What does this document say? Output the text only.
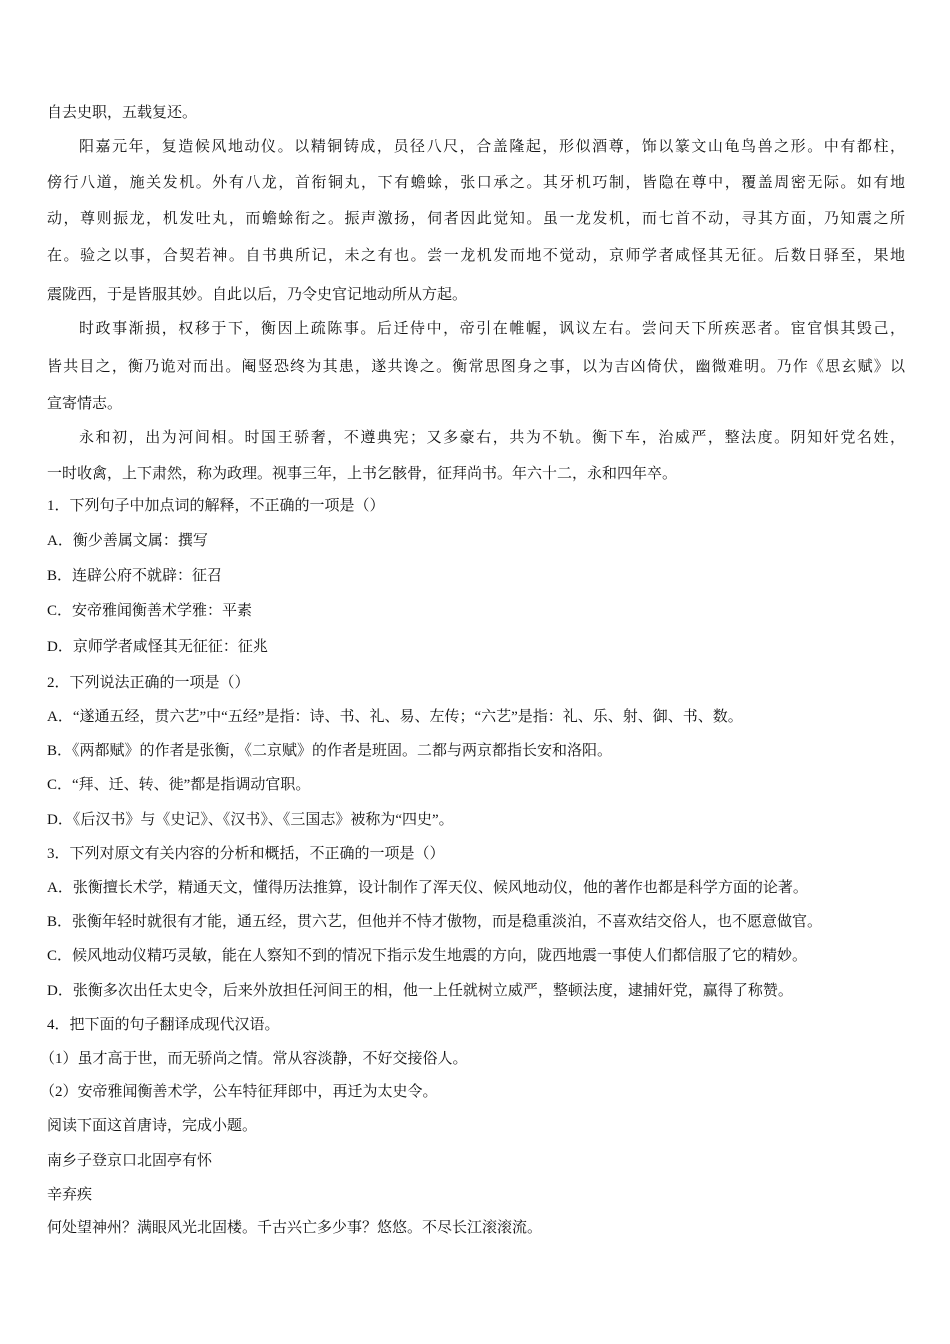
自去史职，五载复还。
阳嘉元年，复造候风地动仪。以精铜铸成，员径八尺，合盖隆起，形似酒尊，饰以篆文山龟鸟兽之形。中有都柱，
傍行八道，施关发机。外有八龙，首衔铜丸，下有蟾蜍，张口承之。其牙机巧制，皆隐在尊中，覆盖周密无际。如有地
动，尊则振龙，机发吐丸，而蟾蜍衔之。振声激扬，伺者因此觉知。虽一龙发机，而七首不动，寻其方面，乃知震之所
在。验之以事，合契若神。自书典所记，未之有也。尝一龙机发而地不觉动，京师学者咸怪其无征。后数日驿至，果地
震陇西，于是皆服其妙。自此以后，乃令史官记地动所从方起。
时政事渐损，权移于下，衡因上疏陈事。后迁侍中，帝引在帷幄，讽议左右。尝问天下所疾恶者。宦官惧其毁己，
皆共目之，衡乃诡对而出。阉竖恐终为其患，遂共谗之。衡常思图身之事，以为吉凶倚伏，幽微难明。乃作《思玄赋》以
宣寄情志。
永和初，出为河间相。时国王骄奢，不遵典宪；又多豪右，共为不轨。衡下车，治威严，整法度。阴知奸党名姓，
一时收禽，上下肃然，称为政理。视事三年，上书乞骸骨，征拜尚书。年六十二，永和四年卒。
1．下列句子中加点词的解释，不正确的一项是（）
A．衡少善属文属：撰写
B．连辟公府不就辟：征召
C．安帝雅闻衡善术学雅：平素
D．京师学者咸怪其无征征：征兆
2．下列说法正确的一项是（）
A．“遂通五经，贯六艺”中“五经”是指：诗、书、礼、易、左传；“六艺”是指：礼、乐、射、御、书、数。
B．《两都赋》的作者是张衡，《二京赋》的作者是班固。二都与两京都指长安和洛阳。
C．“拜、迁、转、徙”都是指调动官职。
D．《后汉书》与《史记》、《汉书》、《三国志》被称为“四史”。
3．下列对原文有关内容的分析和概括，不正确的一项是（）
A．张衡擅长术学，精通天文，懂得历法推算，设计制作了浑天仪、候风地动仪，他的著作也都是科学方面的论著。
B．张衡年轻时就很有才能，通五经，贯六艺，但他并不恃才傲物，而是稳重淡泊，不喜欢结交俗人，也不愿意做官。
C．候风地动仪精巧灵敏，能在人察知不到的情况下指示发生地震的方向，陇西地震一事使人们都信服了它的精妙。
D．张衡多次出任太史令，后来外放担任河间王的相，他一上任就树立威严，整顿法度，逮捕奸党，赢得了称赞。
4．把下面的句子翻译成现代汉语。
（1）虽才高于世，而无骄尚之情。常从容淡静，不好交接俗人。
（2）安帝雅闻衡善术学，公车特征拜郎中，再迁为太史令。
阅读下面这首唐诗，完成小题。
南乡子登京口北固亭有怀
辛弃疾
何处望神州？满眼风光北固楼。千古兴亡多少事？悠悠。不尽长江滚滚流。
